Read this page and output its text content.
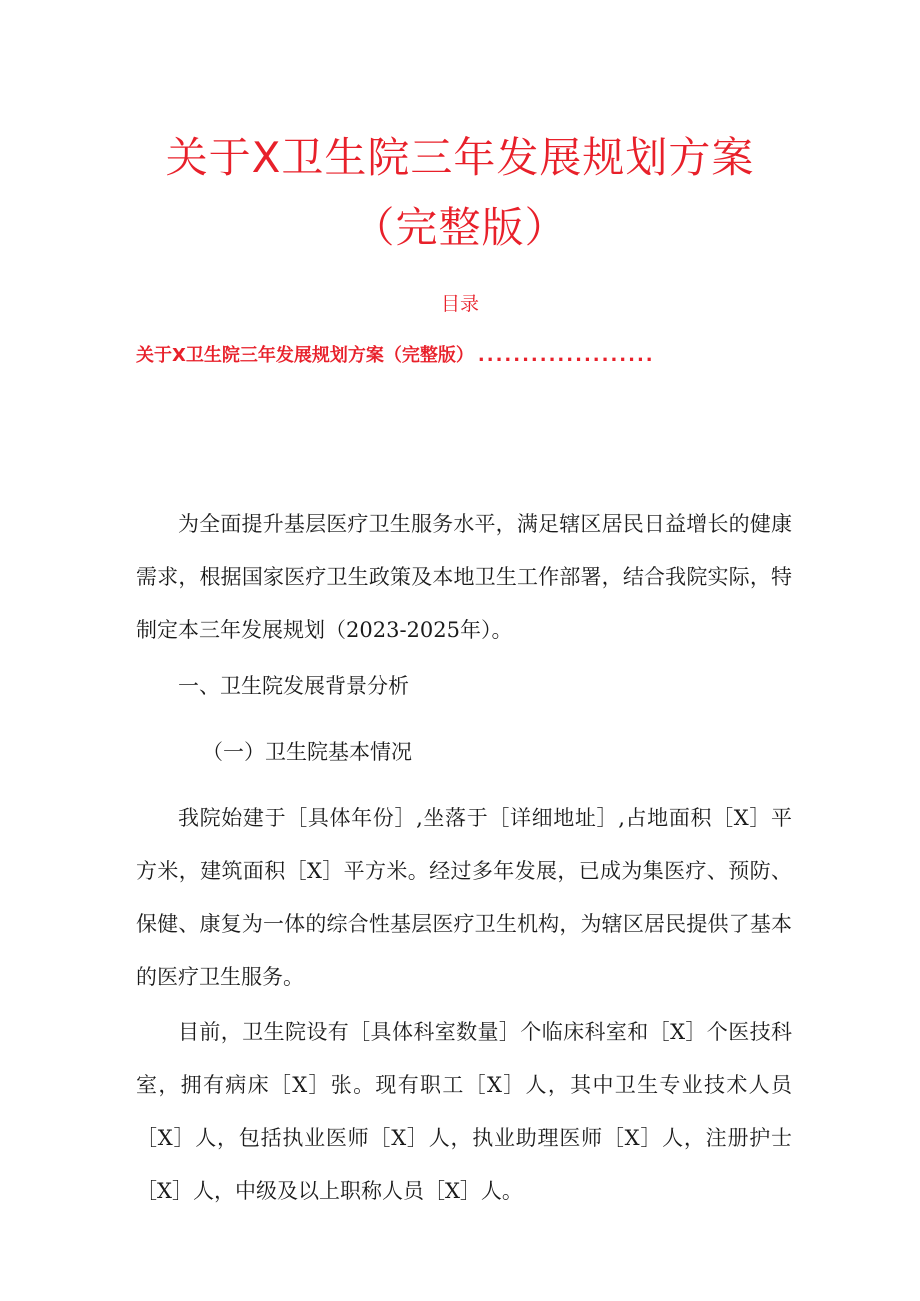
关于X卫生院三年发展规划方案
（完整版）
目录
关于X卫生院三年发展规划方案（完整版） ....................

为全面提升基层医疗卫生服务水平，满足辖区居民日益增长的健康需求，根据国家医疗卫生政策及本地卫生工作部署，结合我院实际，特制定本三年发展规划（2023-2025年）。

一、卫生院发展背景分析
（一）卫生院基本情况

我院始建于［具体年份］,坐落于［详细地址］,占地面积［X］平方米，建筑面积［X］平方米。经过多年发展，已成为集医疗、预防、保健、康复为一体的综合性基层医疗卫生机构，为辖区居民提供了基本的医疗卫生服务。

目前，卫生院设有［具体科室数量］个临床科室和［X］个医技科室，拥有病床［X］张。现有职工［X］人，其中卫生专业技术人员［X］人，包括执业医师［X］人，执业助理医师［X］人，注册护士［X］人，中级及以上职称人员［X］人。
